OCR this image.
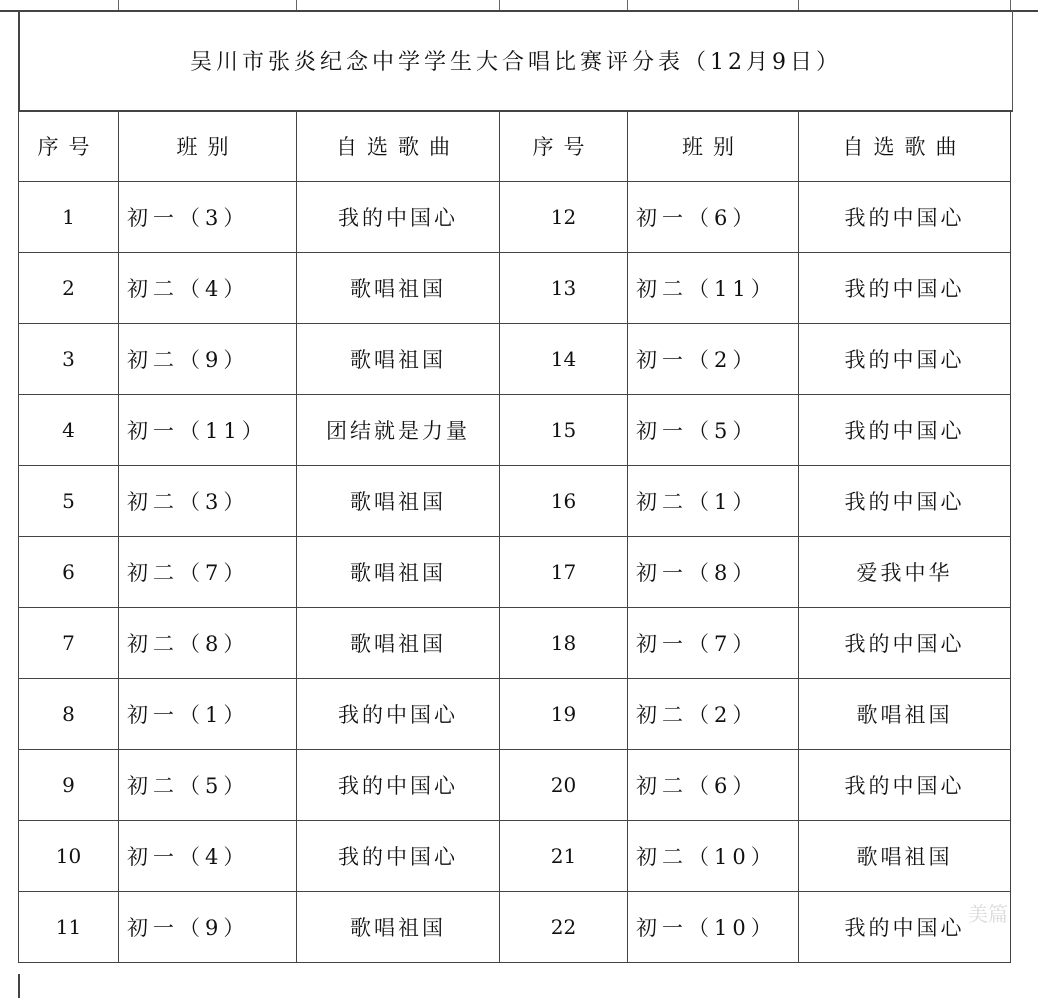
吴川市张炎纪念中学学生大合唱比赛评分表（12月9日）
序号	班别	自选歌曲	序号	班别	自选歌曲
1	初一（3）	我的中国心	12	初一（6）	我的中国心
2	初二（4）	歌唱祖国	13	初二（11）	我的中国心
3	初二（9）	歌唱祖国	14	初一（2）	我的中国心
4	初一（11）	团结就是力量	15	初一（5）	我的中国心
5	初二（3）	歌唱祖国	16	初二（1）	我的中国心
6	初二（7）	歌唱祖国	17	初一（8）	爱我中华
7	初二（8）	歌唱祖国	18	初一（7）	我的中国心
8	初一（1）	我的中国心	19	初二（2）	歌唱祖国
9	初二（5）	我的中国心	20	初二（6）	我的中国心
10	初一（4）	我的中国心	21	初二（10）	歌唱祖国
11	初一（9）	歌唱祖国	22	初一（10）	我的中国心
美篇
